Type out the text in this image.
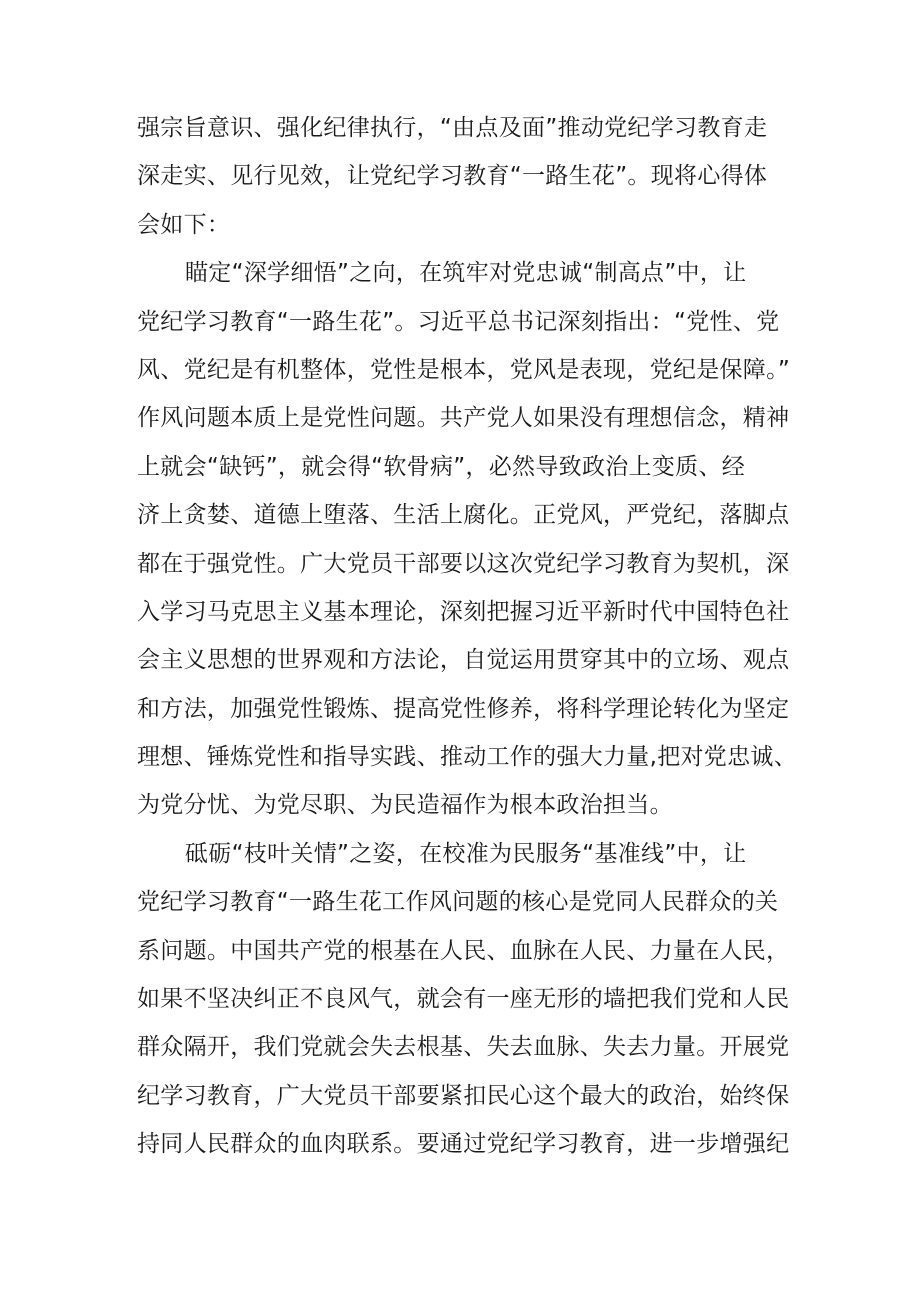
强宗旨意识、强化纪律执行，“由点及面”推动党纪学习教育走
深走实、见行见效，让党纪学习教育“一路生花”。现将心得体
会如下：
瞄定“深学细悟”之向，在筑牢对党忠诚“制高点”中，让
党纪学习教育“一路生花”。习近平总书记深刻指出：“党性、党
风、党纪是有机整体，党性是根本，党风是表现，党纪是保障。”
作风问题本质上是党性问题。共产党人如果没有理想信念，精神
上就会“缺钙”，就会得“软骨病”，必然导致政治上变质、经
济上贪婪、道德上堕落、生活上腐化。正党风，严党纪，落脚点
都在于强党性。广大党员干部要以这次党纪学习教育为契机，深
入学习马克思主义基本理论，深刻把握习近平新时代中国特色社
会主义思想的世界观和方法论，自觉运用贯穿其中的立场、观点
和方法，加强党性锻炼、提高党性修养，将科学理论转化为坚定
理想、锤炼党性和指导实践、推动工作的强大力量,把对党忠诚、
为党分忧、为党尽职、为民造福作为根本政治担当。
砥砺“枝叶关情”之姿，在校准为民服务“基准线”中，让
党纪学习教育“一路生花工作风问题的核心是党同人民群众的关
系问题。中国共产党的根基在人民、血脉在人民、力量在人民，
如果不坚决纠正不良风气，就会有一座无形的墙把我们党和人民
群众隔开，我们党就会失去根基、失去血脉、失去力量。开展党
纪学习教育，广大党员干部要紧扣民心这个最大的政治，始终保
持同人民群众的血肉联系。要通过党纪学习教育，进一步增强纪
